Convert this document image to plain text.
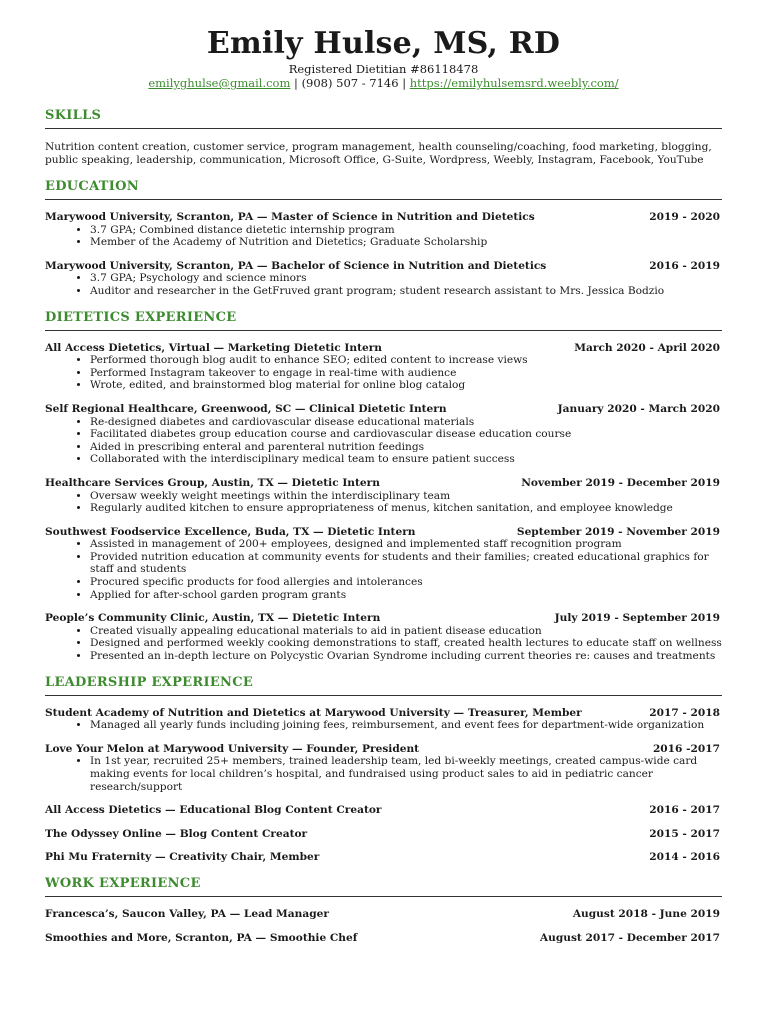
Emily Hulse, MS, RD
Registered Dietitian #86118478
emilyghulse@gmail.com | (908) 507 - 7146 | https://emilyhulsemsrd.weebly.com/
SKILLS
Nutrition content creation, customer service, program management, health counseling/coaching, food marketing, blogging, public speaking, leadership, communication, Microsoft Office, G-Suite, Wordpress, Weebly, Instagram, Facebook, YouTube
EDUCATION
Marywood University, Scranton, PA — Master of Science in Nutrition and Dietetics	2019 - 2020
• 3.7 GPA; Combined distance dietetic internship program
• Member of the Academy of Nutrition and Dietetics; Graduate Scholarship
Marywood University, Scranton, PA — Bachelor of Science in Nutrition and Dietetics	2016 - 2019
• 3.7 GPA; Psychology and science minors
• Auditor and researcher in the GetFruved grant program; student research assistant to Mrs. Jessica Bodzio
DIETETICS EXPERIENCE
All Access Dietetics, Virtual — Marketing Dietetic Intern	March 2020 - April 2020
• Performed thorough blog audit to enhance SEO; edited content to increase views
• Performed Instagram takeover to engage in real-time with audience
• Wrote, edited, and brainstormed blog material for online blog catalog
Self Regional Healthcare, Greenwood, SC — Clinical Dietetic Intern	January 2020 - March 2020
• Re-designed diabetes and cardiovascular disease educational materials
• Facilitated diabetes group education course and cardiovascular disease education course
• Aided in prescribing enteral and parenteral nutrition feedings
• Collaborated with the interdisciplinary medical team to ensure patient success
Healthcare Services Group, Austin, TX — Dietetic Intern	November 2019 - December 2019
• Oversaw weekly weight meetings within the interdisciplinary team
• Regularly audited kitchen to ensure appropriateness of menus, kitchen sanitation, and employee knowledge
Southwest Foodservice Excellence, Buda, TX — Dietetic Intern	September 2019 - November 2019
• Assisted in management of 200+ employees, designed and implemented staff recognition program
• Provided nutrition education at community events for students and their families; created educational graphics for staff and students
• Procured specific products for food allergies and intolerances
• Applied for after-school garden program grants
People’s Community Clinic, Austin, TX — Dietetic Intern	July 2019 - September 2019
• Created visually appealing educational materials to aid in patient disease education
• Designed and performed weekly cooking demonstrations to staff, created health lectures to educate staff on wellness
• Presented an in-depth lecture on Polycystic Ovarian Syndrome including current theories re: causes and treatments
LEADERSHIP EXPERIENCE
Student Academy of Nutrition and Dietetics at Marywood University — Treasurer, Member	2017 - 2018
• Managed all yearly funds including joining fees, reimbursement, and event fees for department-wide organization
Love Your Melon at Marywood University — Founder, President	2016 -2017
• In 1st year, recruited 25+ members, trained leadership team, led bi-weekly meetings, created campus-wide card making events for local children’s hospital, and fundraised using product sales to aid in pediatric cancer research/support
All Access Dietetics — Educational Blog Content Creator	2016 - 2017
The Odyssey Online — Blog Content Creator	2015 - 2017
Phi Mu Fraternity — Creativity Chair, Member	2014 - 2016
WORK EXPERIENCE
Francesca’s, Saucon Valley, PA — Lead Manager	August 2018 - June 2019
Smoothies and More, Scranton, PA — Smoothie Chef	August 2017 - December 2017
